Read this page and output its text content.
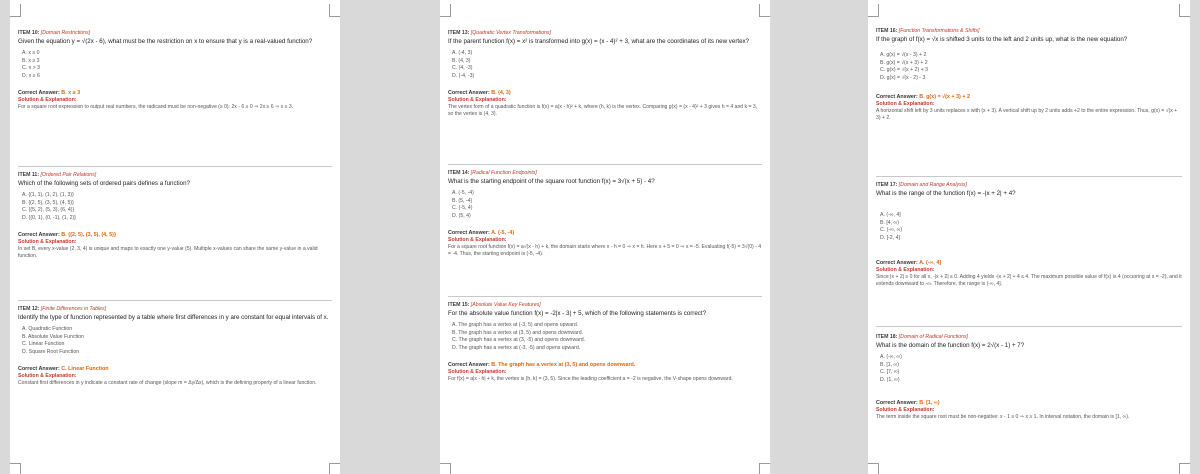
ITEM 10: [Domain Restrictions]
Given the equation y = √(2x - 6), what must be the restriction on x to ensure that y is a real-valued function?
A. x ≥ 0
B. x ≥ 3
C. x > 3
D. x ≥ 6
Correct Answer: B. x ≥ 3
Solution & Explanation:
For a square root expression to output real numbers, the radicand must be non-negative (≥ 0): 2x - 6 ≥ 0 ⇒ 2x ≥ 6 ⇒ x ≥ 3.
ITEM 11: [Ordered Pair Relations]
Which of the following sets of ordered pairs defines a function?
A. {(1, 1), (1, 2), (1, 3)}
B. {(2, 5), (3, 5), (4, 5)}
C. {(5, 2), (5, 3), (6, 4)}
D. {(0, 1), (0, -1), (1, 2)}
Correct Answer: B. {(2, 5), (3, 5), (4, 5)}
Solution & Explanation:
In set B, every x-value (2, 3, 4) is unique and maps to exactly one y-value (5). Multiple x-values can share the same y-value in a valid function.
ITEM 12: [Finite Differences in Tables]
Identify the type of function represented by a table where first differences in y are constant for equal intervals of x.
A. Quadratic Function
B. Absolute Value Function
C. Linear Function
D. Square Root Function
Correct Answer: C. Linear Function
Solution & Explanation:
Constant first differences in y indicate a constant rate of change (slope m = Δy/Δx), which is the defining property of a linear function.
ITEM 13: [Quadratic Vertex Transformations]
If the parent function f(x) = x² is transformed into g(x) = (x - 4)² + 3, what are the coordinates of its new vertex?
A. (-4, 3)
B. (4, 3)
C. (4, -3)
D. (-4, -3)
Correct Answer: B. (4, 3)
Solution & Explanation:
The vertex form of a quadratic function is f(x) = a(x - h)² + k, where (h, k) is the vertex. Comparing g(x) = (x - 4)² + 3 gives h = 4 and k = 3, so the vertex is (4, 3).
ITEM 14: [Radical Function Endpoints]
What is the starting endpoint of the square root function f(x) = 3√(x + 5) - 4?
A. (-5, -4)
B. (5, -4)
C. (-5, 4)
D. (5, 4)
Correct Answer: A. (-5, -4)
Solution & Explanation:
For a square root function f(x) = a√(x - h) + k, the domain starts where x - h = 0 ⇒ x = h. Here x + 5 = 0 ⇒ x = -5. Evaluating f(-5) = 3√(0) - 4 = -4. Thus, the starting endpoint is (-5, -4).
ITEM 15: [Absolute Value Key Features]
For the absolute value function f(x) = -2|x - 3| + 5, which of the following statements is correct?
A. The graph has a vertex at (-3, 5) and opens upward.
B. The graph has a vertex at (3, 5) and opens downward.
C. The graph has a vertex at (3, -5) and opens downward.
D. The graph has a vertex at (-3, -5) and opens upward.
Correct Answer: B. The graph has a vertex at (3, 5) and opens downward.
Solution & Explanation:
For f(x) = a|x - h| + k, the vertex is (h, k) = (3, 5). Since the leading coefficient a = -2 is negative, the V-shape opens downward.
ITEM 16: [Function Transformations & Shifts]
If the graph of f(x) = √x is shifted 3 units to the left and 2 units up, what is the new equation?
A. g(x) = √(x - 3) + 2
B. g(x) = √(x + 3) + 2
C. g(x) = √(x + 2) + 3
D. g(x) = √(x - 2) - 3
Correct Answer: B. g(x) = √(x + 3) + 2
Solution & Explanation:
A horizontal shift left by 3 units replaces x with (x + 3). A vertical shift up by 2 units adds +2 to the entire expression. Thus, g(x) = √(x + 3) + 2.
ITEM 17: [Domain and Range Analysis]
What is the range of the function f(x) = -|x + 2| + 4?
A. (-∞, 4]
B. [4, ∞)
C. (-∞, ∞)
D. [-2, 4]
Correct Answer: A. (-∞, 4]
Solution & Explanation:
Since |x + 2| ≥ 0 for all x, -|x + 2| ≤ 0. Adding 4 yields -|x + 2| + 4 ≤ 4. The maximum possible value of f(x) is 4 (occurring at x = -2), and it extends downward to -∞. Therefore, the range is (-∞, 4].
ITEM 18: [Domain of Radical Functions]
What is the domain of the function f(x) = 2√(x - 1) + 7?
A. (-∞, ∞)
B. [1, ∞)
C. [7, ∞)
D. (1, ∞)
Correct Answer: B. [1, ∞)
Solution & Explanation:
The term inside the square root must be non-negative: x - 1 ≥ 0 ⇒ x ≥ 1. In interval notation, the domain is [1, ∞).
